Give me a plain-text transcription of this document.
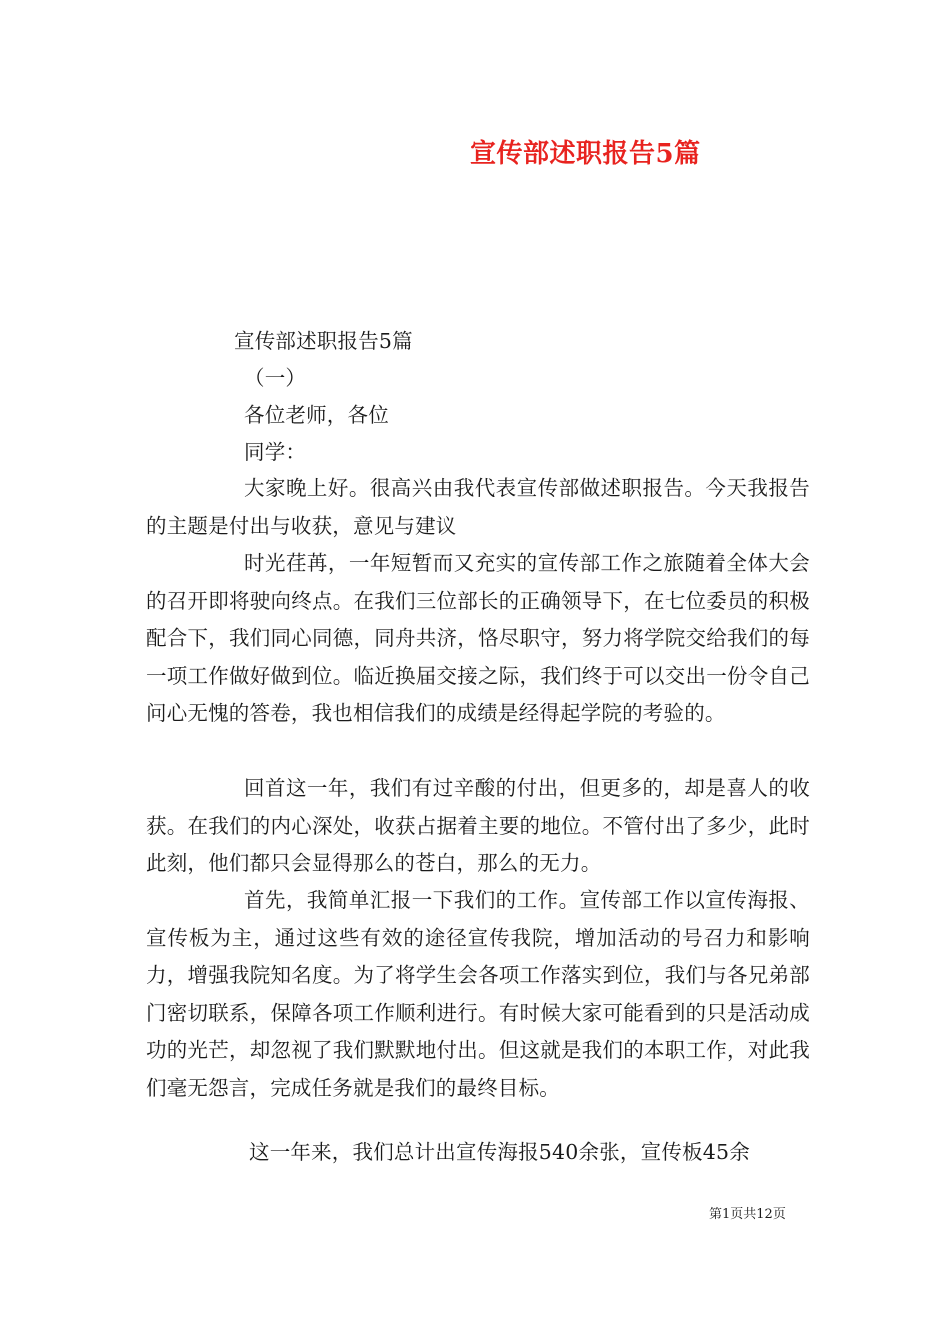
宣传部述职报告5篇
宣传部述职报告5篇
（一）
各位老师，各位
同学：
大家晚上好。很高兴由我代表宣传部做述职报告。今天我报告的主题是付出与收获，意见与建议
时光荏苒，一年短暂而又充实的宣传部工作之旅随着全体大会的召开即将驶向终点。在我们三位部长的正确领导下，在七位委员的积极配合下，我们同心同德，同舟共济，恪尽职守，努力将学院交给我们的每一项工作做好做到位。临近换届交接之际，我们终于可以交出一份令自己问心无愧的答卷，我也相信我们的成绩是经得起学院的考验的。
回首这一年，我们有过辛酸的付出，但更多的，却是喜人的收获。在我们的内心深处，收获占据着主要的地位。不管付出了多少，此时此刻，他们都只会显得那么的苍白，那么的无力。
首先，我简单汇报一下我们的工作。宣传部工作以宣传海报、宣传板为主，通过这些有效的途径宣传我院，增加活动的号召力和影响力，增强我院知名度。为了将学生会各项工作落实到位，我们与各兄弟部门密切联系，保障各项工作顺利进行。有时候大家可能看到的只是活动成功的光芒，却忽视了我们默默地付出。但这就是我们的本职工作，对此我们毫无怨言，完成任务就是我们的最终目标。
这一年来，我们总计出宣传海报540余张，宣传板45余
第1页共12页
